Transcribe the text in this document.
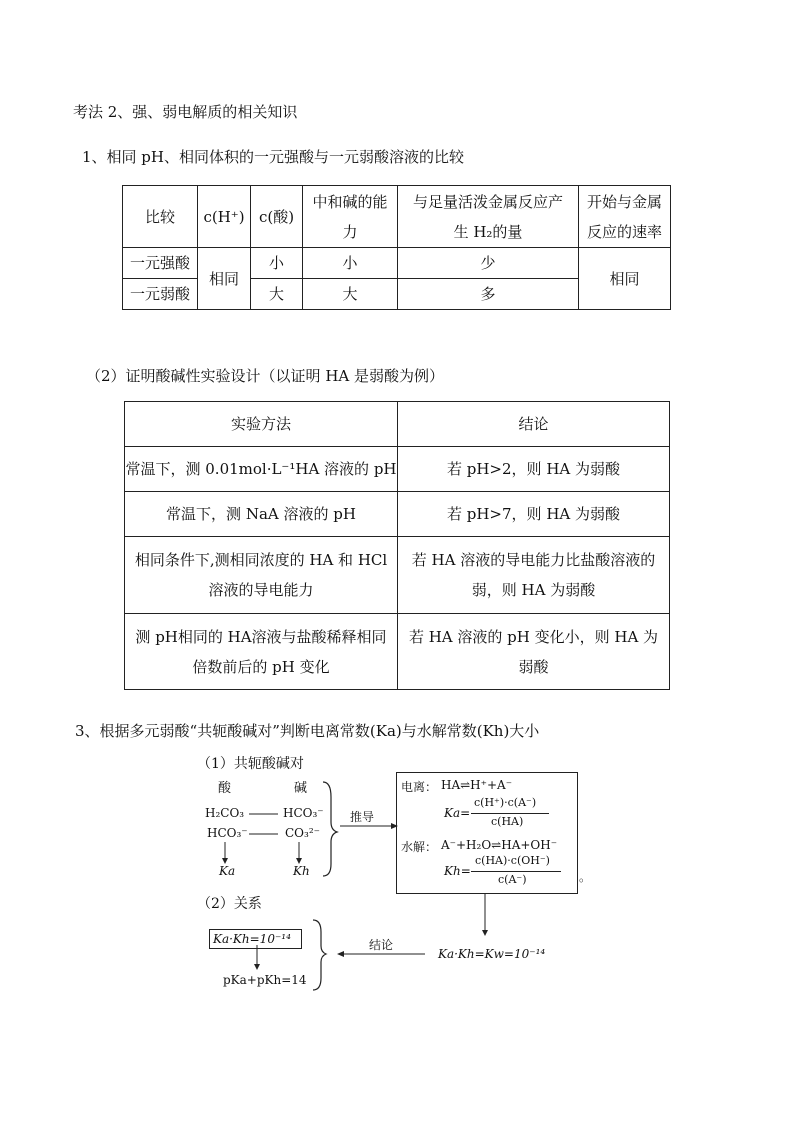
考法 2、强、弱电解质的相关知识
1、相同 pH、相同体积的一元强酸与一元弱酸溶液的比较
比较	c(H⁺)	c(酸)	中和碱的能力	与足量活泼金属反应产生 H₂的量	开始与金属反应的速率
一元强酸	相同	小	小	少	相同
一元弱酸		大	大	多	
（2）证明酸碱性实验设计（以证明 HA 是弱酸为例）
实验方法	结论
常温下，测 0.01mol·L⁻¹HA 溶液的 pH	若 pH>2，则 HA 为弱酸
常温下，测 NaA 溶液的 pH	若 pH>7，则 HA 为弱酸
相同条件下,测相同浓度的 HA 和 HCl 溶液的导电能力	若 HA 溶液的导电能力比盐酸溶液的弱，则 HA 为弱酸
测 pH相同的 HA溶液与盐酸稀释相同倍数前后的 pH 变化	若 HA 溶液的 pH 变化小，则 HA 为弱酸
3、根据多元弱酸“共轭酸碱对”判断电离常数(Ka)与水解常数(Kh)大小
（1）共轭酸碱对
酸	碱
H₂CO₃	HCO₃⁻
HCO₃⁻	CO₃²⁻
Ka	Kh
推导
电离： HA⇌H⁺+A⁻
Ka=
c(H⁺)·c(A⁻)
c(HA)
水解： A⁻+H₂O⇌HA+OH⁻
Kh=
c(HA)·c(OH⁻)
c(A⁻)	。
（2）关系
Ka·Kh=10⁻¹⁴
pKa+pKh=14
结论
Ka·Kh=Kw=10⁻¹⁴
